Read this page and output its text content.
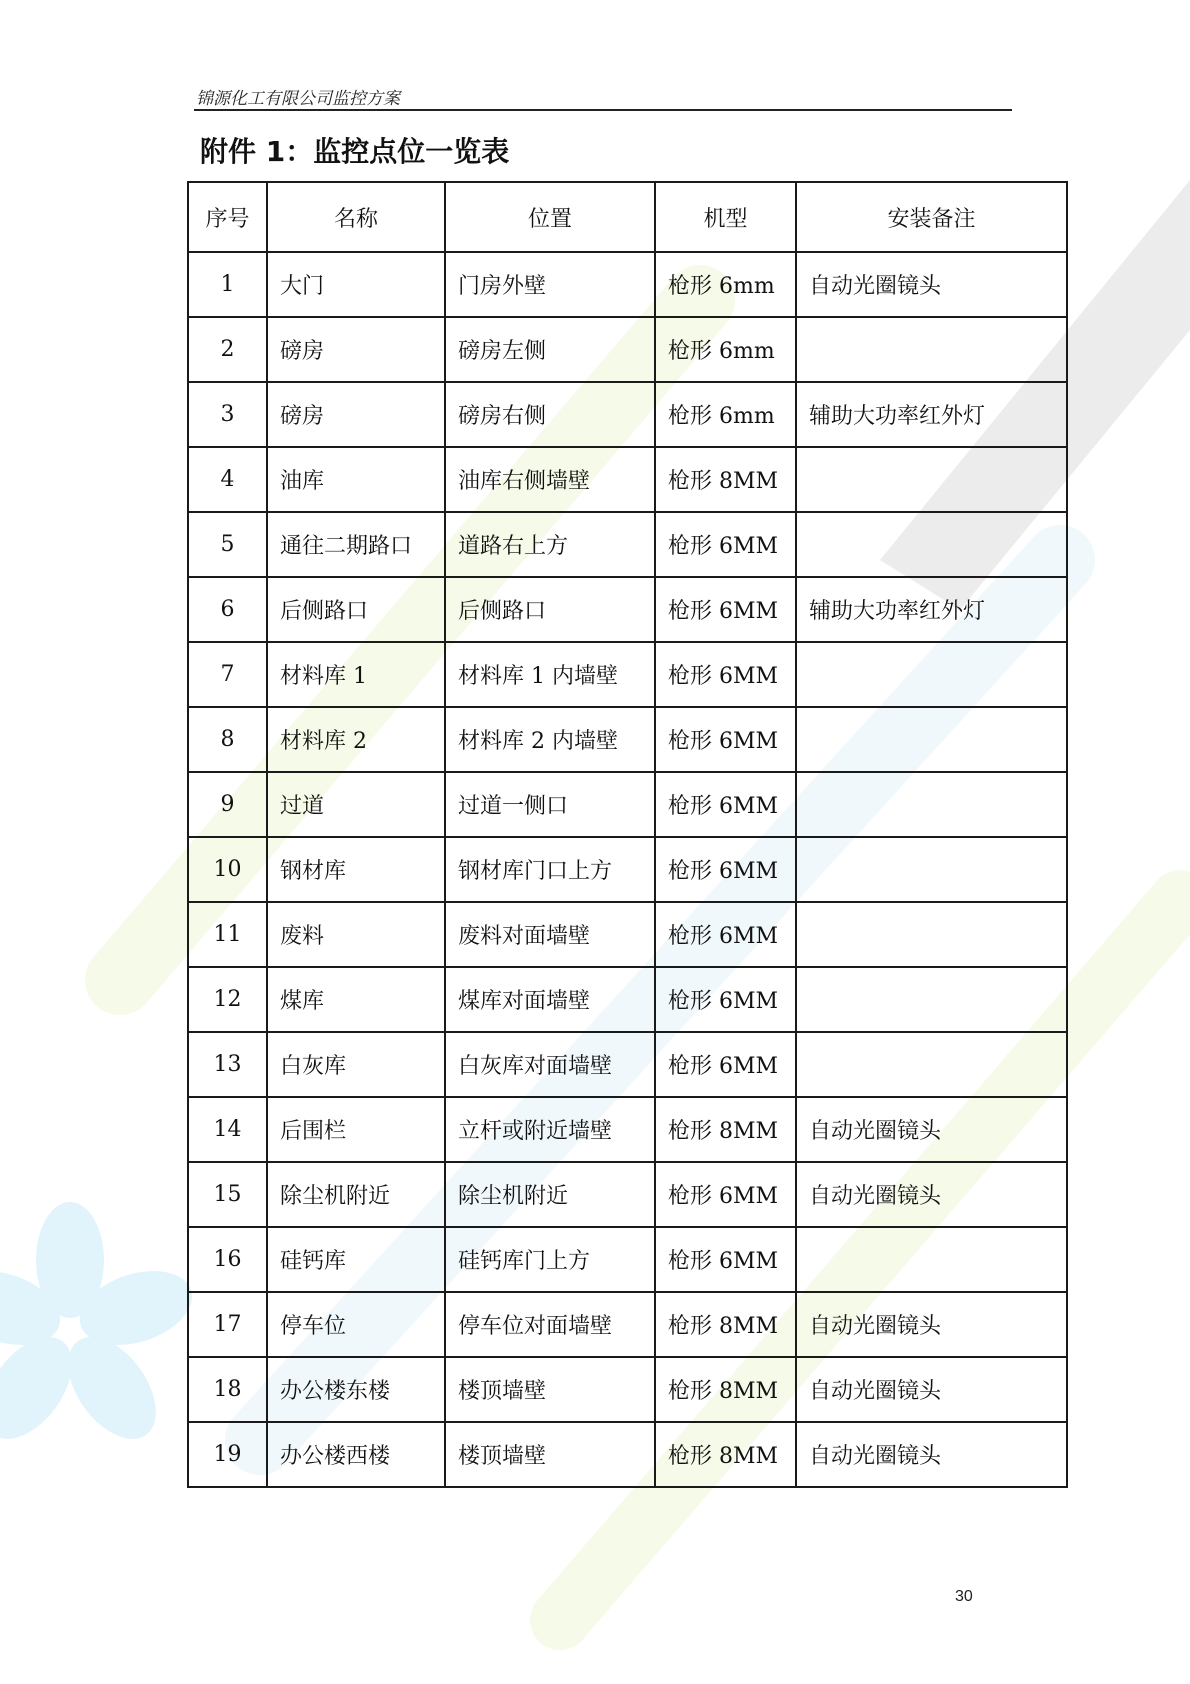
锦源化工有限公司监控方案
附件 1：监控点位一览表
序号	名称	位置	机型	安装备注
1	大门	门房外壁	枪形 6mm	自动光圈镜头
2	磅房	磅房左侧	枪形 6mm	
3	磅房	磅房右侧	枪形 6mm	辅助大功率红外灯
4	油库	油库右侧墙壁	枪形 8MM	
5	通往二期路口	道路右上方	枪形 6MM	
6	后侧路口	后侧路口	枪形 6MM	辅助大功率红外灯
7	材料库 1	材料库 1 内墙壁	枪形 6MM	
8	材料库 2	材料库 2 内墙壁	枪形 6MM	
9	过道	过道一侧口	枪形 6MM	
10	钢材库	钢材库门口上方	枪形 6MM	
11	废料	废料对面墙壁	枪形 6MM	
12	煤库	煤库对面墙壁	枪形 6MM	
13	白灰库	白灰库对面墙壁	枪形 6MM	
14	后围栏	立杆或附近墙壁	枪形 8MM	自动光圈镜头
15	除尘机附近	除尘机附近	枪形 6MM	自动光圈镜头
16	硅钙库	硅钙库门上方	枪形 6MM	
17	停车位	停车位对面墙壁	枪形 8MM	自动光圈镜头
18	办公楼东楼	楼顶墙壁	枪形 8MM	自动光圈镜头
19	办公楼西楼	楼顶墙壁	枪形 8MM	自动光圈镜头
30
